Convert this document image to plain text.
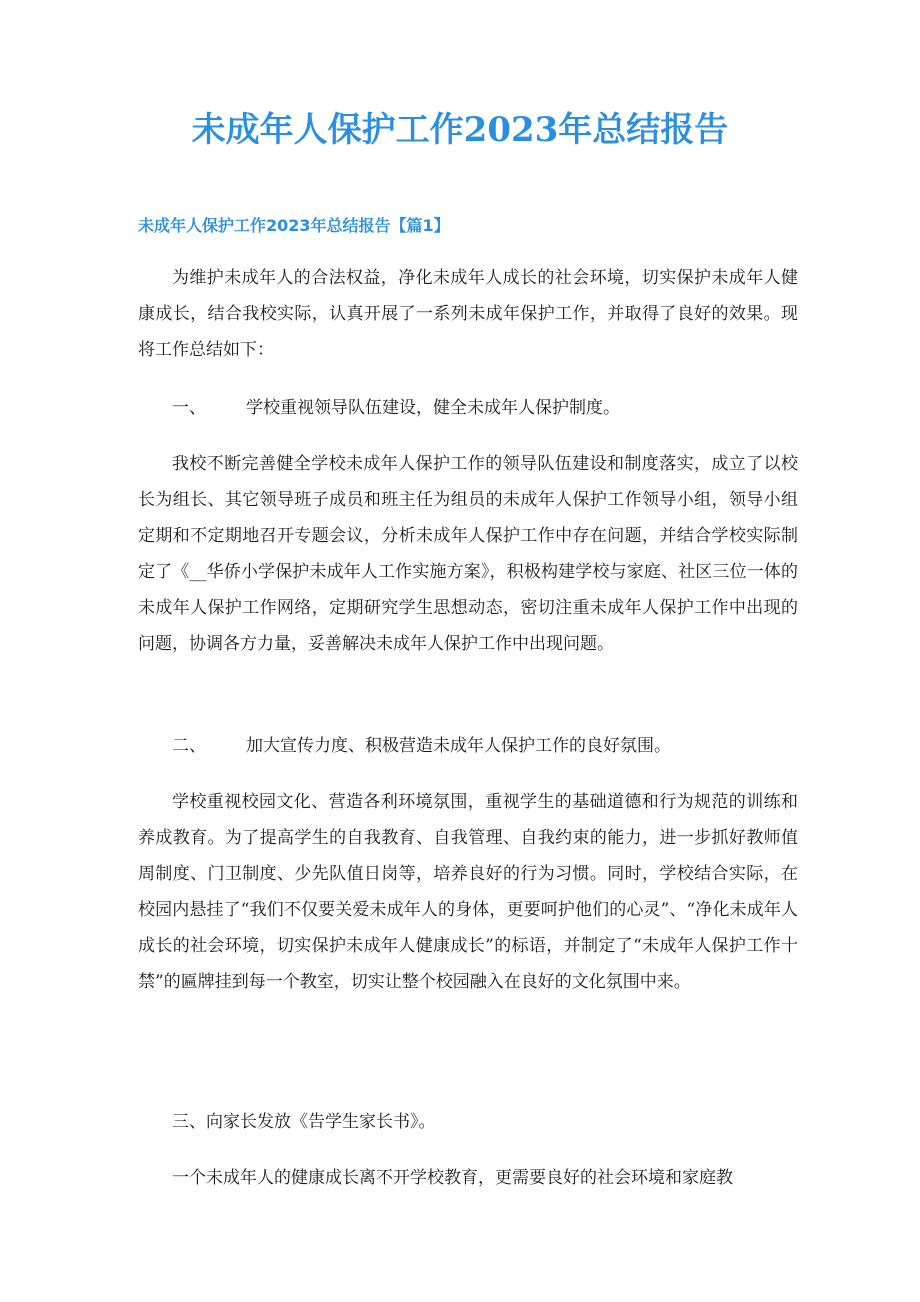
未成年人保护工作2023年总结报告
未成年人保护工作2023年总结报告【篇1】

为维护未成年人的合法权益，净化未成年人成长的社会环境，切实保护未成年人健康成长，结合我校实际，认真开展了一系列未成年保护工作，并取得了良好的效果。现将工作总结如下：

一、 学校重视领导队伍建设，健全未成年人保护制度。

我校不断完善健全学校未成年人保护工作的领导队伍建设和制度落实，成立了以校长为组长、其它领导班子成员和班主任为组员的未成年人保护工作领导小组，领导小组定期和不定期地召开专题会议，分析未成年人保护工作中存在问题，并结合学校实际制定了《__华侨小学保护未成年人工作实施方案》，积极构建学校与家庭、社区三位一体的未成年人保护工作网络，定期研究学生思想动态，密切注重未成年人保护工作中出现的问题，协调各方力量，妥善解决未成年人保护工作中出现问题。

二、 加大宣传力度、积极营造未成年人保护工作的良好氛围。

学校重视校园文化、营造各利环境氛围，重视学生的基础道德和行为规范的训练和养成教育。为了提高学生的自我教育、自我管理、自我约束的能力，进一步抓好教师值周制度、门卫制度、少先队值日岗等，培养良好的行为习惯。同时，学校结合实际，在校园内悬挂了“我们不仅要关爱未成年人的身体，更要呵护他们的心灵”、“净化未成年人成长的社会环境，切实保护未成年人健康成长”的标语，并制定了“未成年人保护工作十禁”的匾牌挂到每一个教室，切实让整个校园融入在良好的文化氛围中来。

三、向家长发放《告学生家长书》。

一个未成年人的健康成长离不开学校教育，更需要良好的社会环境和家庭教
